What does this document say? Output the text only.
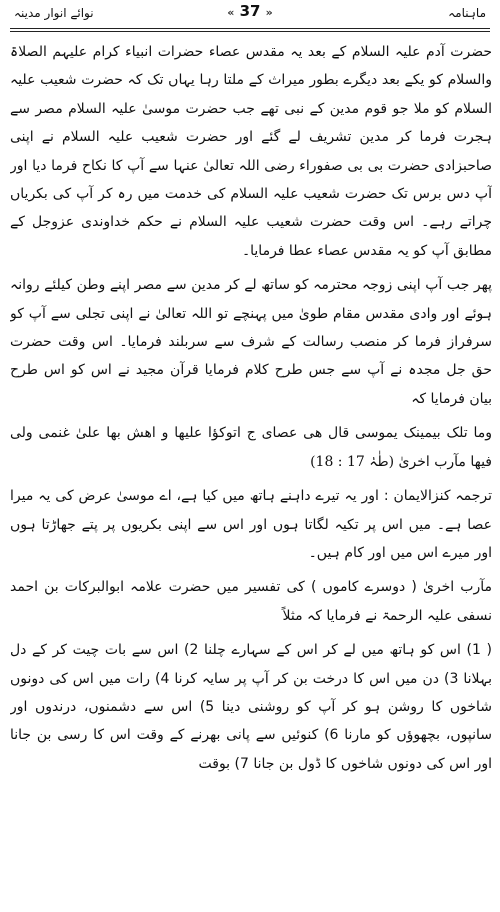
نوائے انوار مدینہ	« 37 »	ماہنامہ

حضرت آدم علیہ السلام کے بعد یہ مقدس عصاء حضرات انبیاء کرام علیہم الصلاۃ والسلام کو یکے بعد دیگرے بطور میراث کے ملتا رہا یہاں تک کہ حضرت شعیب علیہ السلام کو ملا جو قوم مدین کے نبی تھے جب حضرت موسیٰ علیہ السلام مصر سے ہجرت فرما کر مدین تشریف لے گئے اور حضرت شعیب علیہ السلام نے اپنی صاحبزادی حضرت بی بی صفوراء رضی اللہ تعالیٰ عنہا سے آپ کا نکاح فرما دیا اور آپ دس برس تک حضرت شعیب علیہ السلام کی خدمت میں رہ کر آپ کی بکریاں چراتے رہے۔ اس وقت حضرت شعیب علیہ السلام نے حکم خداوندی عزوجل کے مطابق آپ کو یہ مقدس عصاء عطا فرمایا۔

پھر جب آپ اپنی زوجہ محترمہ کو ساتھ لے کر مدین سے مصر اپنے وطن کیلئے روانہ ہوئے اور وادی مقدس مقام طویٰ میں پہنچے تو اللہ تعالیٰ نے اپنی تجلی سے آپ کو سرفراز فرما کر منصب رسالت کے شرف سے سربلند فرمایا۔ اس وقت حضرت حق جل مجدہ نے آپ سے جس طرح کلام فرمایا قرآن مجید نے اس کو اس طرح بیان فرمایا کہ

وما تلک بیمینک یموسی قال ھی عصای ج اتوکؤا علیھا و اھش بھا علیٰ غنمی ولی فیھا مآرب اخریٰ (طٰہٰ 17 : 18)

ترجمہ کنزالایمان : اور یہ تیرے داہنے ہاتھ میں کیا ہے، اے موسیٰ عرض کی یہ میرا عصا ہے۔ میں اس پر تکیہ لگاتا ہوں اور اس سے اپنی بکریوں پر پتے جھاڑتا ہوں اور میرے اس میں اور کام ہیں۔

مآرب اخریٰ ( دوسرے کاموں ) کی تفسیر میں حضرت علامہ ابوالبرکات بن احمد نسفی علیہ الرحمۃ نے فرمایا کہ مثلاً

( 1) اس کو ہاتھ میں لے کر اس کے سہارے چلنا 2) اس سے بات چیت کر کے دل بہلانا 3) دن میں اس کا درخت بن کر آپ پر سایہ کرنا 4) رات میں اس کی دونوں شاخوں کا روشن ہو کر آپ کو روشنی دینا 5) اس سے دشمنوں، درندوں اور سانپوں، بچھوؤں کو مارنا 6) کنوئیں سے پانی بھرنے کے وقت اس کا رسی بن جانا اور اس کی دونوں شاخوں کا ڈول بن جانا 7) بوقت
